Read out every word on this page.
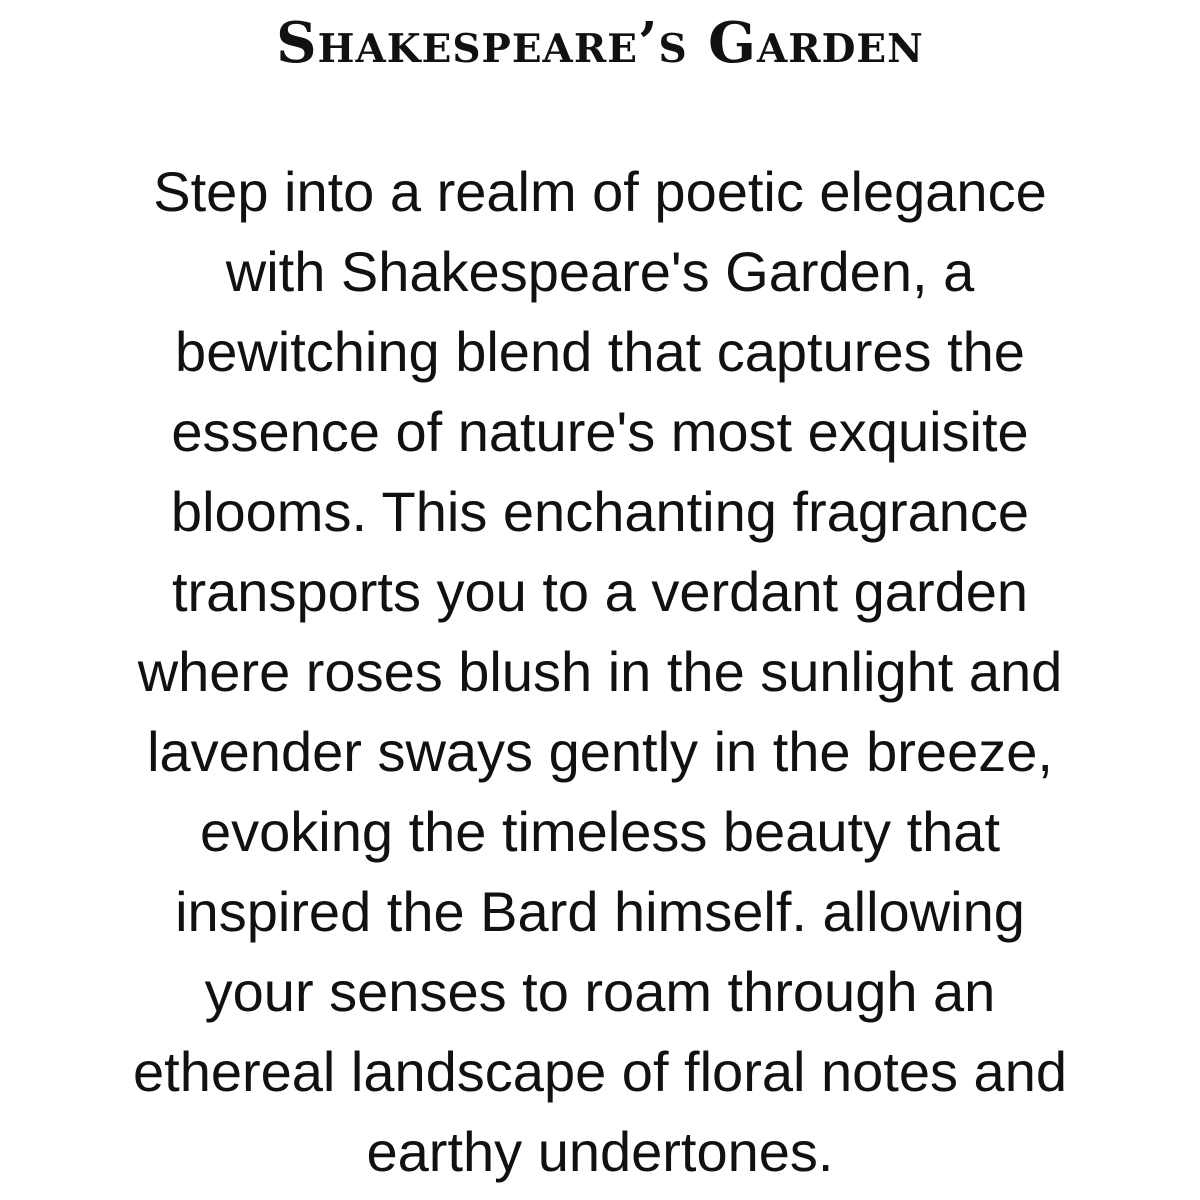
Shakespeare’s Garden

Step into a realm of poetic elegance
with Shakespeare's Garden, a
bewitching blend that captures the
essence of nature's most exquisite
blooms. This enchanting fragrance
transports you to a verdant garden
where roses blush in the sunlight and
lavender sways gently in the breeze,
evoking the timeless beauty that
inspired the Bard himself. allowing
your senses to roam through an
ethereal landscape of floral notes and
earthy undertones.
